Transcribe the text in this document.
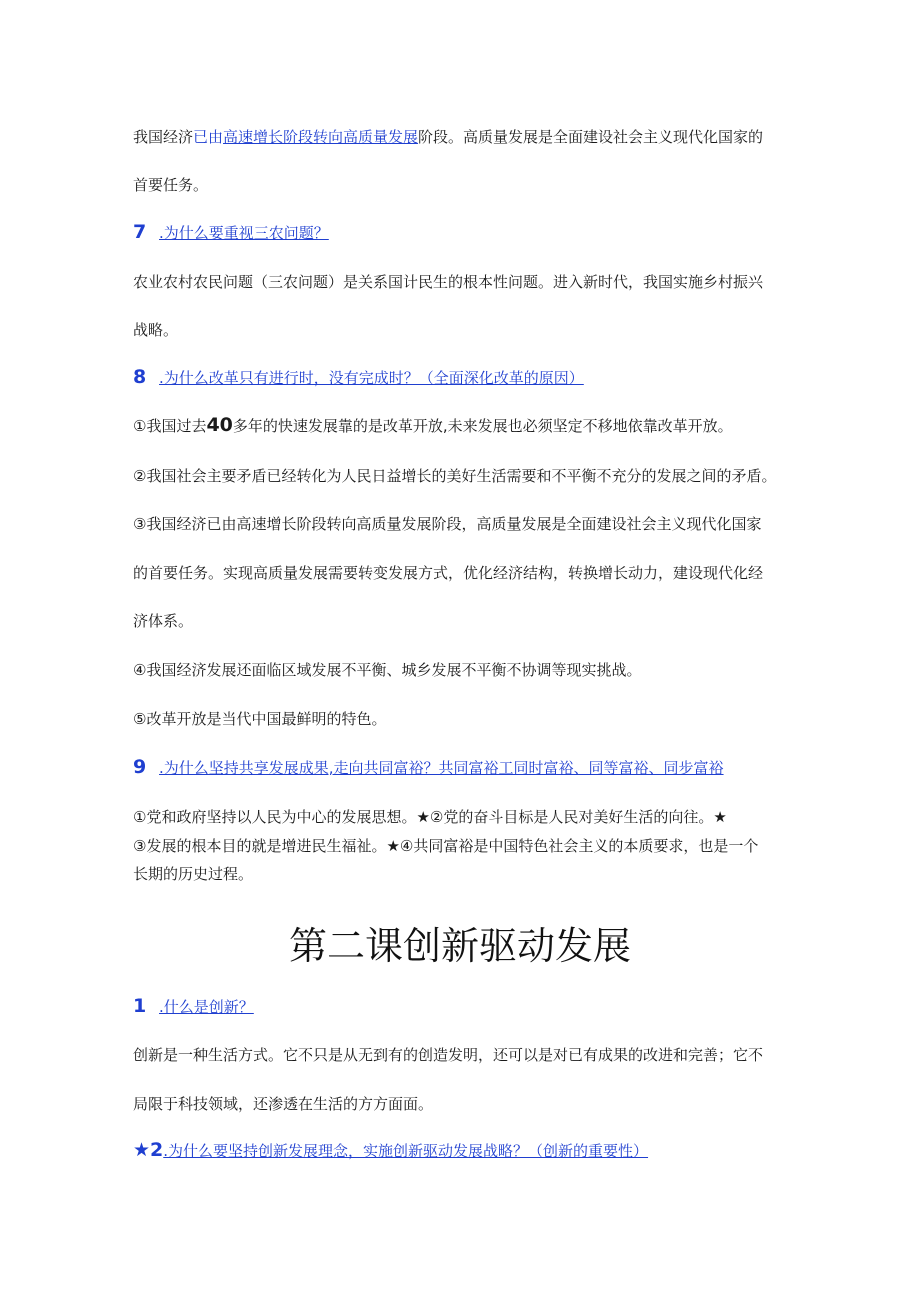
我国经济已由高速增长阶段转向高质量发展阶段。高质量发展是全面建设社会主义现代化国家的
首要任务。
7 .为什么要重视三农问题？
农业农村农民问题（三农问题）是关系国计民生的根本性问题。进入新时代，我国实施乡村振兴
战略。
8 .为什么改革只有进行时，没有完成时？（全面深化改革的原因）
①我国过去40多年的快速发展靠的是改革开放,未来发展也必须坚定不移地依靠改革开放。
②我国社会主要矛盾已经转化为人民日益增长的美好生活需要和不平衡不充分的发展之间的矛盾。
③我国经济已由高速增长阶段转向高质量发展阶段，高质量发展是全面建设社会主义现代化国家
的首要任务。实现高质量发展需要转变发展方式，优化经济结构，转换增长动力，建设现代化经
济体系。
④我国经济发展还面临区域发展不平衡、城乡发展不平衡不协调等现实挑战。
⑤改革开放是当代中国最鲜明的特色。
9 .为什么坚持共享发展成果,走向共同富裕？共同富裕工同时富裕、同等富裕、同步富裕
①党和政府坚持以人民为中心的发展思想。★②党的奋斗目标是人民对美好生活的向往。★
③发展的根本目的就是增进民生福祉。★④共同富裕是中国特色社会主义的本质要求，也是一个
长期的历史过程。
第二课创新驱动发展
1 .什么是创新？
创新是一种生活方式。它不只是从无到有的创造发明，还可以是对已有成果的改进和完善；它不
局限于科技领域，还渗透在生活的方方面面。
★2.为什么要坚持创新发展理念，实施创新驱动发展战略？（创新的重要性）
